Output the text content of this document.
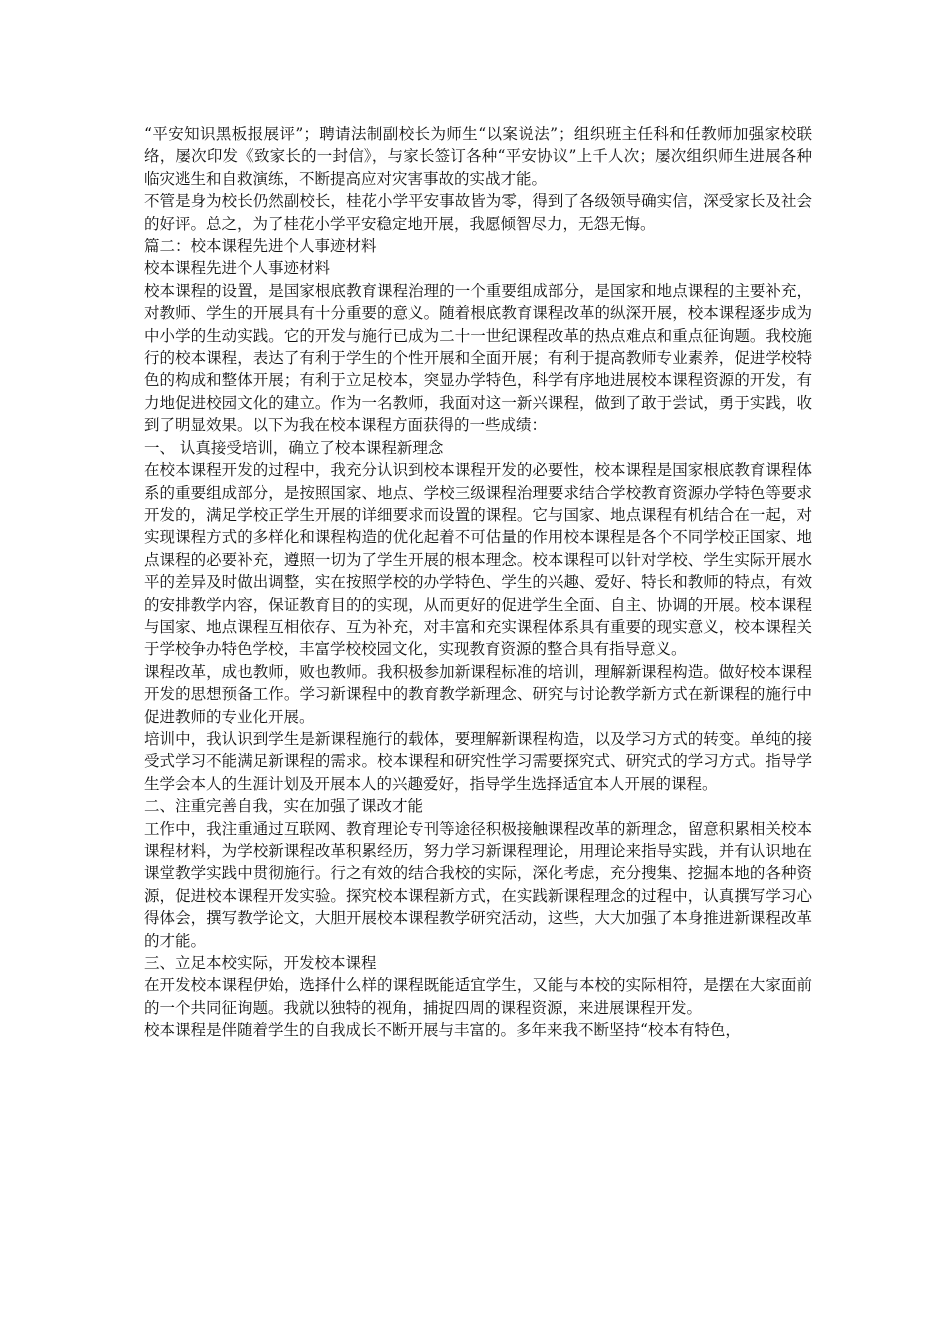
“平安知识黑板报展评”；聘请法制副校长为师生“以案说法”；组织班主任科和任教师加强家校联络，屡次印发《致家长的一封信》，与家长签订各种“平安协议”上千人次；屡次组织师生进展各种临灾逃生和自救演练，不断提高应对灾害事故的实战才能。

不管是身为校长仍然副校长，桂花小学平安事故皆为零，得到了各级领导确实信，深受家长及社会的好评。总之，为了桂花小学平安稳定地开展，我愿倾智尽力，无怨无悔。

篇二：校本课程先进个人事迹材料

校本课程先进个人事迹材料

校本课程的设置，是国家根底教育课程治理的一个重要组成部分，是国家和地点课程的主要补充，对教师、学生的开展具有十分重要的意义。随着根底教育课程改革的纵深开展，校本课程逐步成为中小学的生动实践。它的开发与施行已成为二十一世纪课程改革的热点难点和重点征询题。我校施行的校本课程，表达了有利于学生的个性开展和全面开展；有利于提高教师专业素养，促进学校特色的构成和整体开展；有利于立足校本，突显办学特色，科学有序地进展校本课程资源的开发，有力地促进校园文化的建立。作为一名教师，我面对这一新兴课程，做到了敢于尝试，勇于实践，收到了明显效果。以下为我在校本课程方面获得的一些成绩：

一、 认真接受培训，确立了校本课程新理念

在校本课程开发的过程中，我充分认识到校本课程开发的必要性，校本课程是国家根底教育课程体系的重要组成部分，是按照国家、地点、学校三级课程治理要求结合学校教育资源办学特色等要求开发的，满足学校正学生开展的详细要求而设置的课程。它与国家、地点课程有机结合在一起，对实现课程方式的多样化和课程构造的优化起着不可估量的作用校本课程是各个不同学校正国家、地点课程的必要补充，遵照一切为了学生开展的根本理念。校本课程可以针对学校、学生实际开展水平的差异及时做出调整，实在按照学校的办学特色、学生的兴趣、爱好、特长和教师的特点，有效的安排教学内容，保证教育目的的实现，从而更好的促进学生全面、自主、协调的开展。校本课程与国家、地点课程互相依存、互为补充，对丰富和充实课程体系具有重要的现实意义，校本课程关于学校争办特色学校，丰富学校校园文化，实现教育资源的整合具有指导意义。

课程改革，成也教师，败也教师。我积极参加新课程标准的培训，理解新课程构造。做好校本课程开发的思想预备工作。学习新课程中的教育教学新理念、研究与讨论教学新方式在新课程的施行中促进教师的专业化开展。

培训中，我认识到学生是新课程施行的载体，要理解新课程构造，以及学习方式的转变。单纯的接受式学习不能满足新课程的需求。校本课程和研究性学习需要探究式、研究式的学习方式。指导学生学会本人的生涯计划及开展本人的兴趣爱好，指导学生选择适宜本人开展的课程。

二、注重完善自我，实在加强了课改才能

工作中，我注重通过互联网、教育理论专刊等途径积极接触课程改革的新理念，留意积累相关校本课程材料，为学校新课程改革积累经历，努力学习新课程理论，用理论来指导实践，并有认识地在课堂教学实践中贯彻施行。行之有效的结合我校的实际，深化考虑，充分搜集、挖掘本地的各种资源，促进校本课程开发实验。探究校本课程新方式，在实践新课程理念的过程中，认真撰写学习心得体会，撰写教学论文，大胆开展校本课程教学研究活动，这些，大大加强了本身推进新课程改革的才能。

三、立足本校实际，开发校本课程

在开发校本课程伊始，选择什么样的课程既能适宜学生，又能与本校的实际相符，是摆在大家面前的一个共同征询题。我就以独特的视角，捕捉四周的课程资源，来进展课程开发。

校本课程是伴随着学生的自我成长不断开展与丰富的。多年来我不断坚持“校本有特色，
